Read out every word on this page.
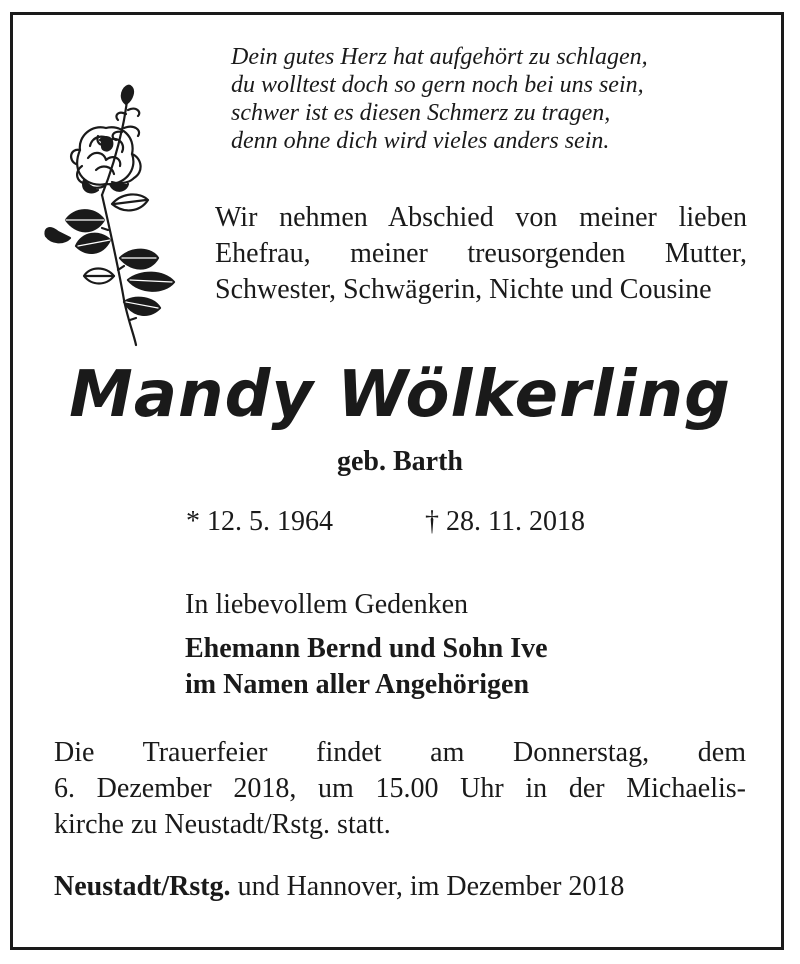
Dein gutes Herz hat aufgehört zu schlagen,
du wolltest doch so gern noch bei uns sein,
schwer ist es diesen Schmerz zu tragen,
denn ohne dich wird vieles anders sein.

Wir nehmen Abschied von meiner lieben Ehefrau, meiner treusorgenden Mutter, Schwester, Schwägerin, Nichte und Cousine

Mandy Wölkerling

geb. Barth

* 12. 5. 1964	† 28. 11. 2018

In liebevollem Gedenken

Ehemann Bernd und Sohn Ive
im Namen aller Angehörigen

Die Trauerfeier findet am Donnerstag, dem
6. Dezember 2018, um 15.00 Uhr in der Michaelis-
kirche zu Neustadt/Rstg. statt.

Neustadt/Rstg. und Hannover, im Dezember 2018
